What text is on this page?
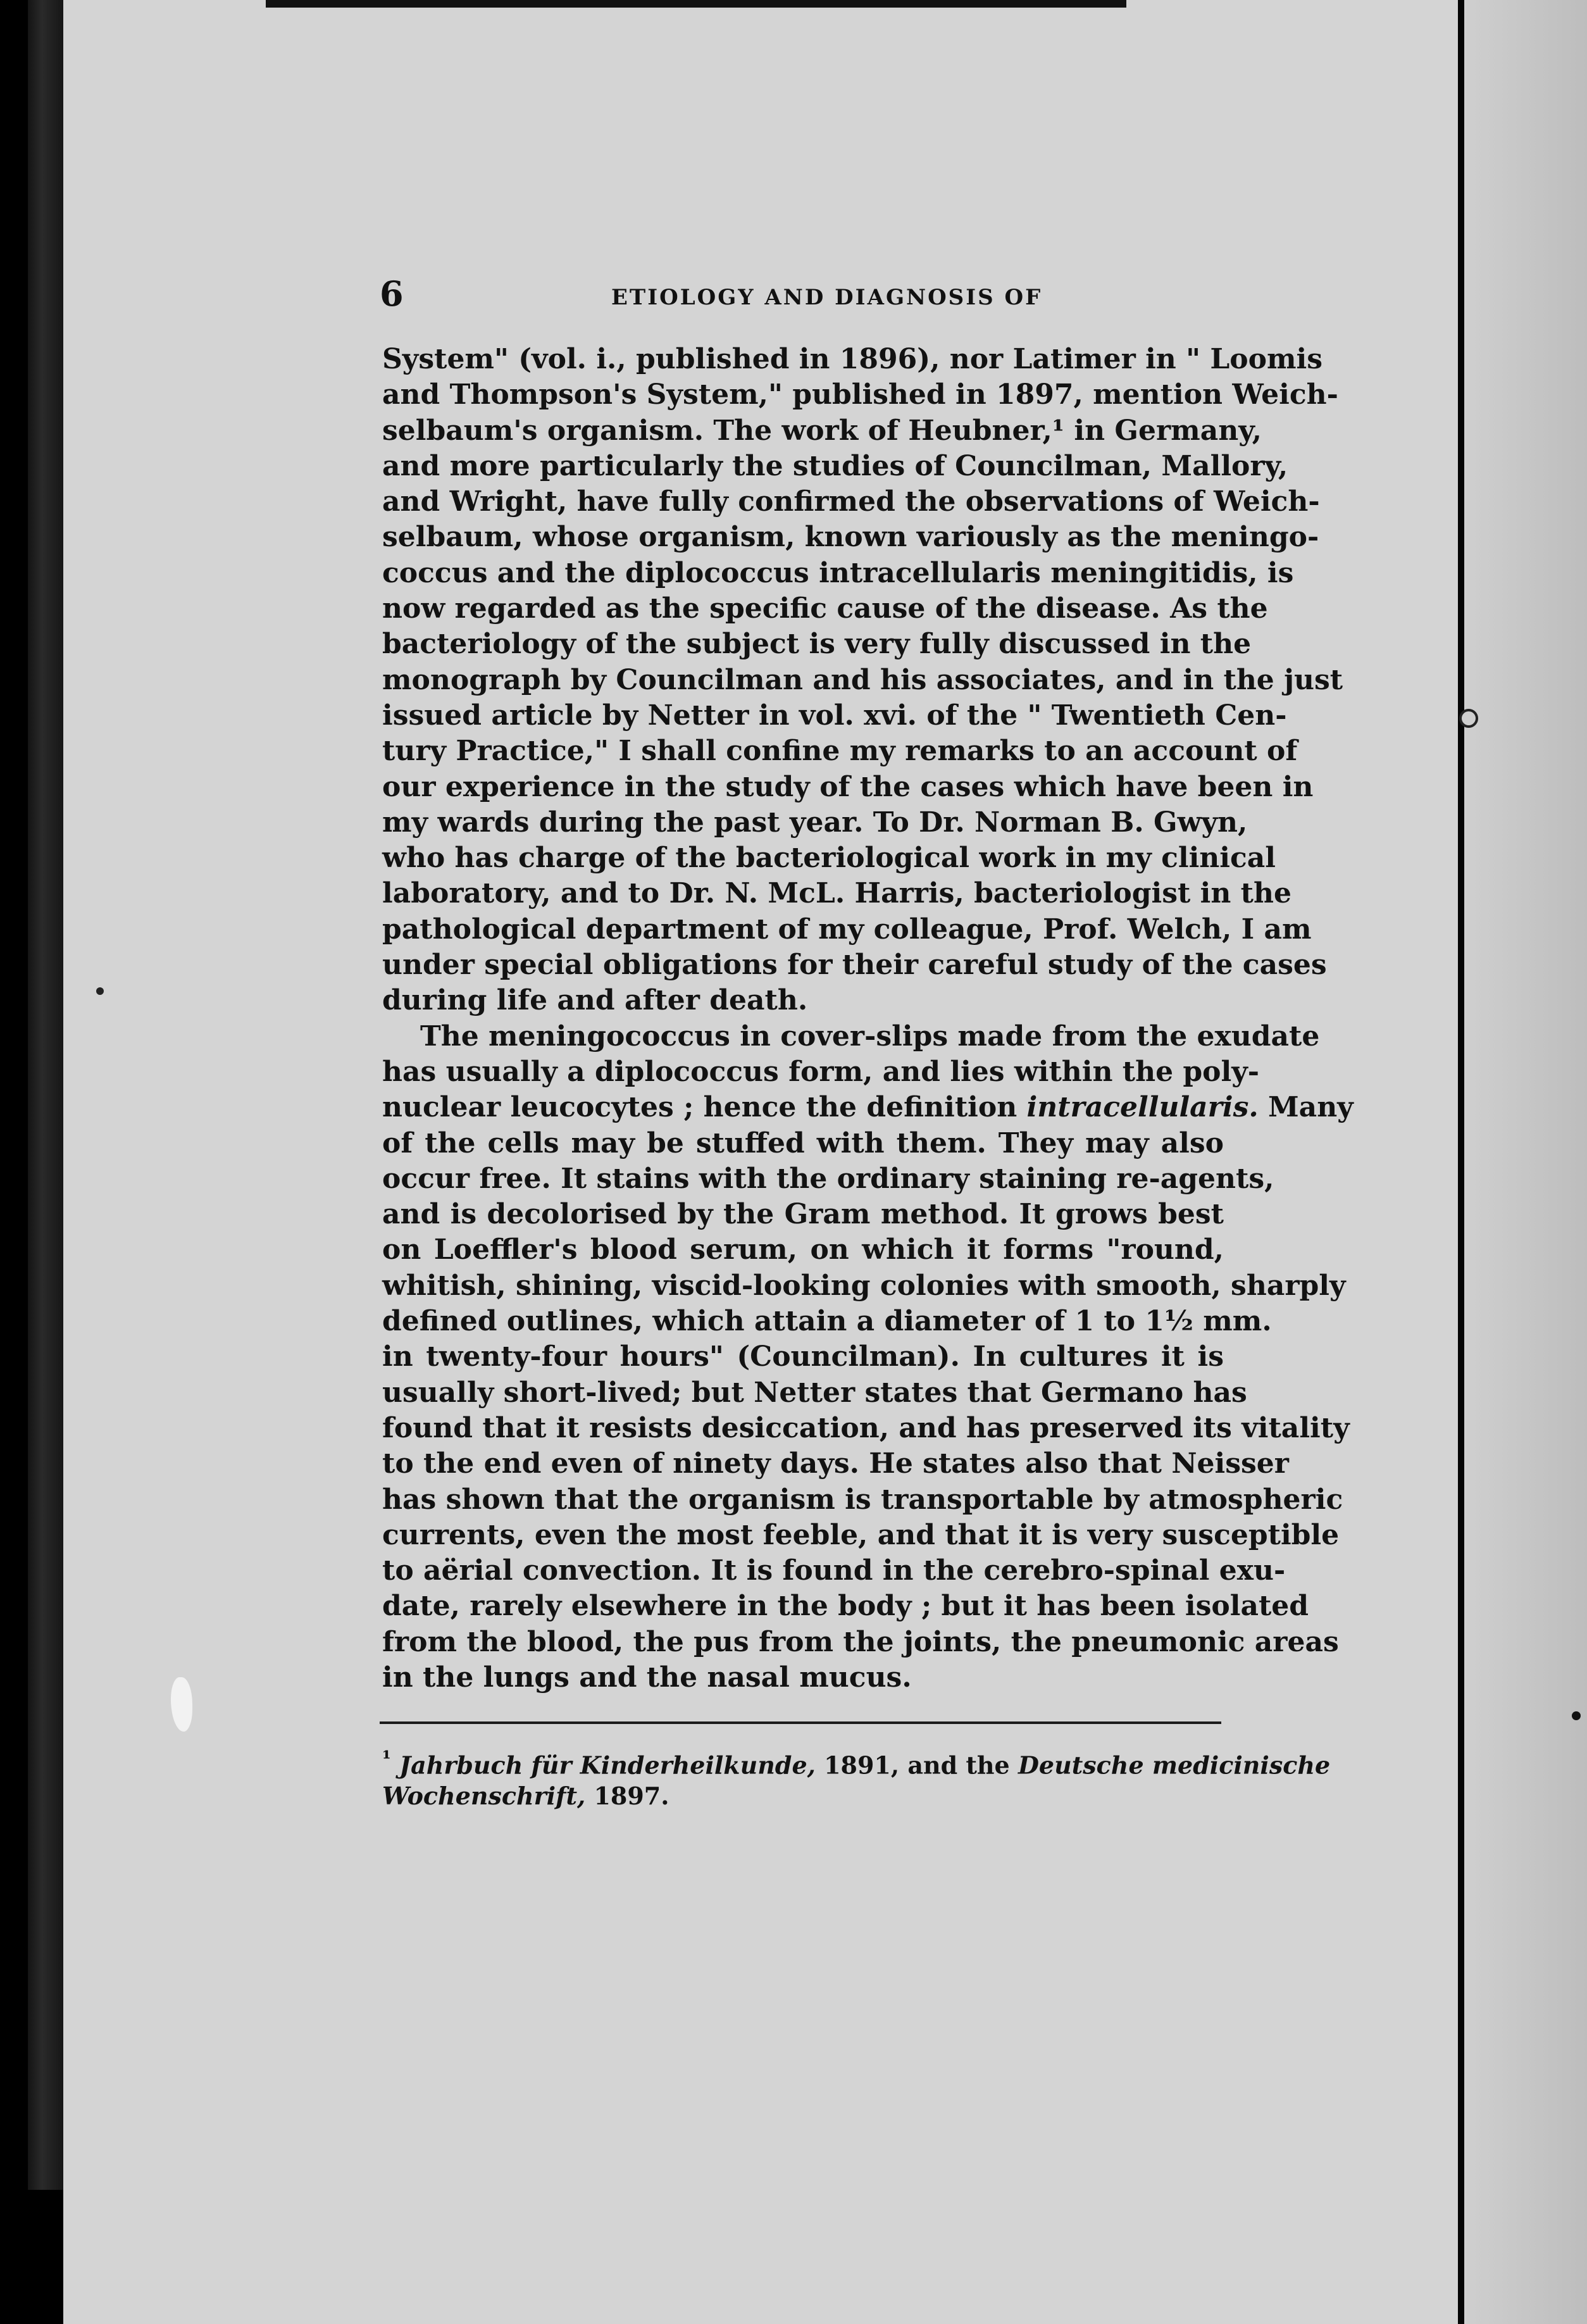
6	ETIOLOGY AND DIAGNOSIS OF
System" (vol. i., published in 1896), nor Latimer in " Loomis
and Thompson's System," published in 1897, mention Weich-
selbaum's organism. The work of Heubner,¹ in Germany,
and more particularly the studies of Councilman, Mallory,
and Wright, have fully confirmed the observations of Weich-
selbaum, whose organism, known variously as the meningo-
coccus and the diplococcus intracellularis meningitidis, is
now regarded as the specific cause of the disease. As the
bacteriology of the subject is very fully discussed in the
monograph by Councilman and his associates, and in the just
issued article by Netter in vol. xvi. of the " Twentieth Cen-
tury Practice," I shall confine my remarks to an account of
our experience in the study of the cases which have been in
my wards during the past year. To Dr. Norman B. Gwyn,
who has charge of the bacteriological work in my clinical
laboratory, and to Dr. N. McL. Harris, bacteriologist in the
pathological department of my colleague, Prof. Welch, I am
under special obligations for their careful study of the cases
during life and after death.
The meningococcus in cover-slips made from the exudate
has usually a diplococcus form, and lies within the poly-
nuclear leucocytes ; hence the definition intracellularis.
of the cells may be stuffed with them. They may also
occur free. It stains with the ordinary staining re-agents,
and is decolorised by the Gram method. It grows best
on Loeffler's blood serum, on which it forms "round,
whitish, shining, viscid-looking colonies with smooth, sharply
defined outlines, which attain a diameter of 1 to 1½ mm.
in twenty-four hours" (Councilman). In cultures it is
usually short-lived; but Netter states that Germano has
found that it resists desiccation, and has preserved its vitality
to the end even of ninety days. He states also that Neisser
has shown that the organism is transportable by atmospheric
currents, even the most feeble, and that it is very susceptible
to aërial convection. It is found in the cerebro-spinal exu-
date, rarely elsewhere in the body ; but it has been isolated
from the blood, the pus from the joints, the pneumonic areas
in the lungs and the nasal mucus.
$^{^1}$ Jahrbuch für Kinderheilkunde, 1891, and the Deutsche medicinische
Wochenschrift, 1897.
